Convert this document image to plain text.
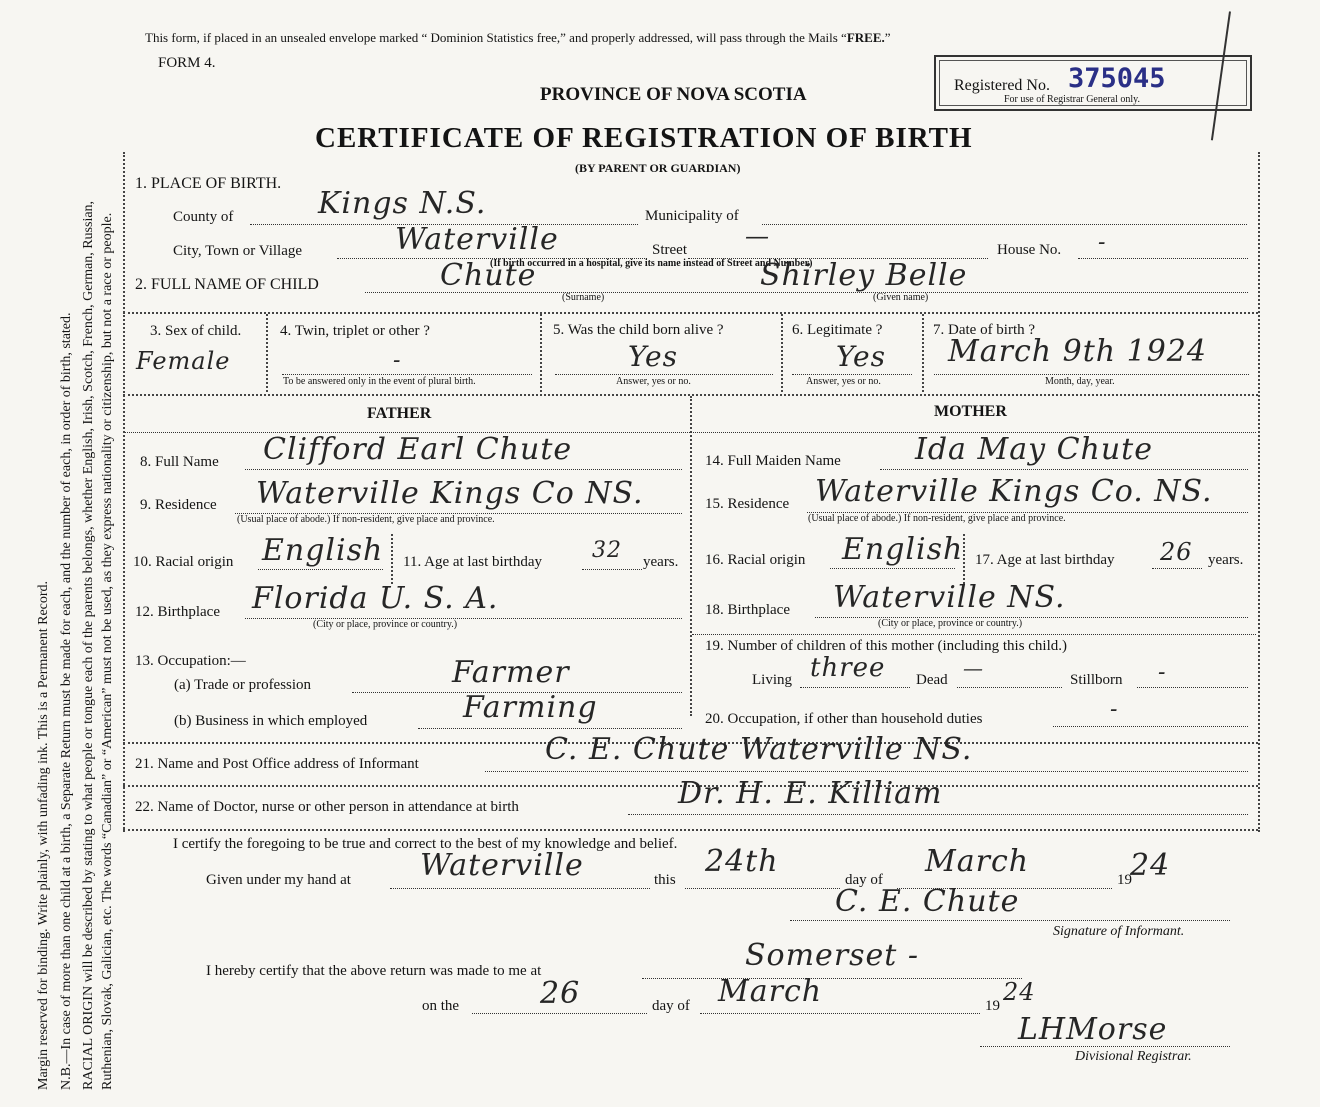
Margin reserved for binding. Write plainly, with unfading ink. This is a Permanent Record. N.B.—In case of more than one child at a birth, a Separate Return must be made for each, and the number of each, in order of birth, stated. RACIAL ORIGIN will be described by stating to what people or tongue each of the parents belongs, whether English, Irish, Scotch, French, German, Russian, Ruthenian, Slovak, Galician, etc. The words “Canadian” or “American” must not be used, as they express nationality or citizenship, but not a race or people.
This form, if placed in an unsealed envelope marked “ Dominion Statistics free,” and properly addressed, will pass through the Mails “FREE.”
FORM 4.
PROVINCE OF NOVA SCOTIA
CERTIFICATE OF REGISTRATION OF BIRTH
(BY PARENT OR GUARDIAN)
Registered No. 375045
For use of Registrar General only.
1. PLACE OF BIRTH.
County of	Kings N.S.	Municipality of
City, Town or Village	Waterville	Street —
(If birth occurred in a hospital, give its name instead of Street and Number)
House No. -
2. FULL NAME OF CHILD	Chute
(Surname)
Shirley Belle
(Given name)
3. Sex of child.
Female
4. Twin, triplet or other ?
-
To be answered only in the event of plural birth.
5. Was the child born alive ?
Yes
Answer, yes or no.
6. Legitimate ?
Yes
Answer, yes or no.
7. Date of birth ?
March 9th 1924
Month, day, year.
FATHER	MOTHER
8. Full Name Clifford Earl Chute
9. Residence Waterville Kings Co NS.
(Usual place of abode.) If non-resident, give place and province.
10. Racial origin English 11. Age at last birthday 32 years.
12. Birthplace Florida U. S. A.
(City or place, province or country.)
13. Occupation:—
(a) Trade or profession	Farmer
(b) Business in which employed	Farming
14. Full Maiden Name Ida May Chute
15. Residence Waterville Kings Co. NS.
(Usual place of abode.) If non-resident, give place and province.
16. Racial origin English 17. Age at last birthday 26 years.
18. Birthplace Waterville NS.
(City or place, province or country.)
19. Number of children of this mother (including this child.)
Living three Dead —	Stillborn -
20. Occupation, if other than household duties	-
21. Name and Post Office address of Informant	C. E. Chute Waterville NS.
22. Name of Doctor, nurse or other person in attendance at birth	Dr. H. E. Killiam
I certify the foregoing to be true and correct to the best of my knowledge and belief.
Given under my hand at Waterville	this
24th
day of
March
19
24
C. E. Chute
Signature of Informant.
I hereby certify that the above return was made to me at	Somerset -
on the	26	day of March	19 24
LHMorse
Divisional Registrar.
